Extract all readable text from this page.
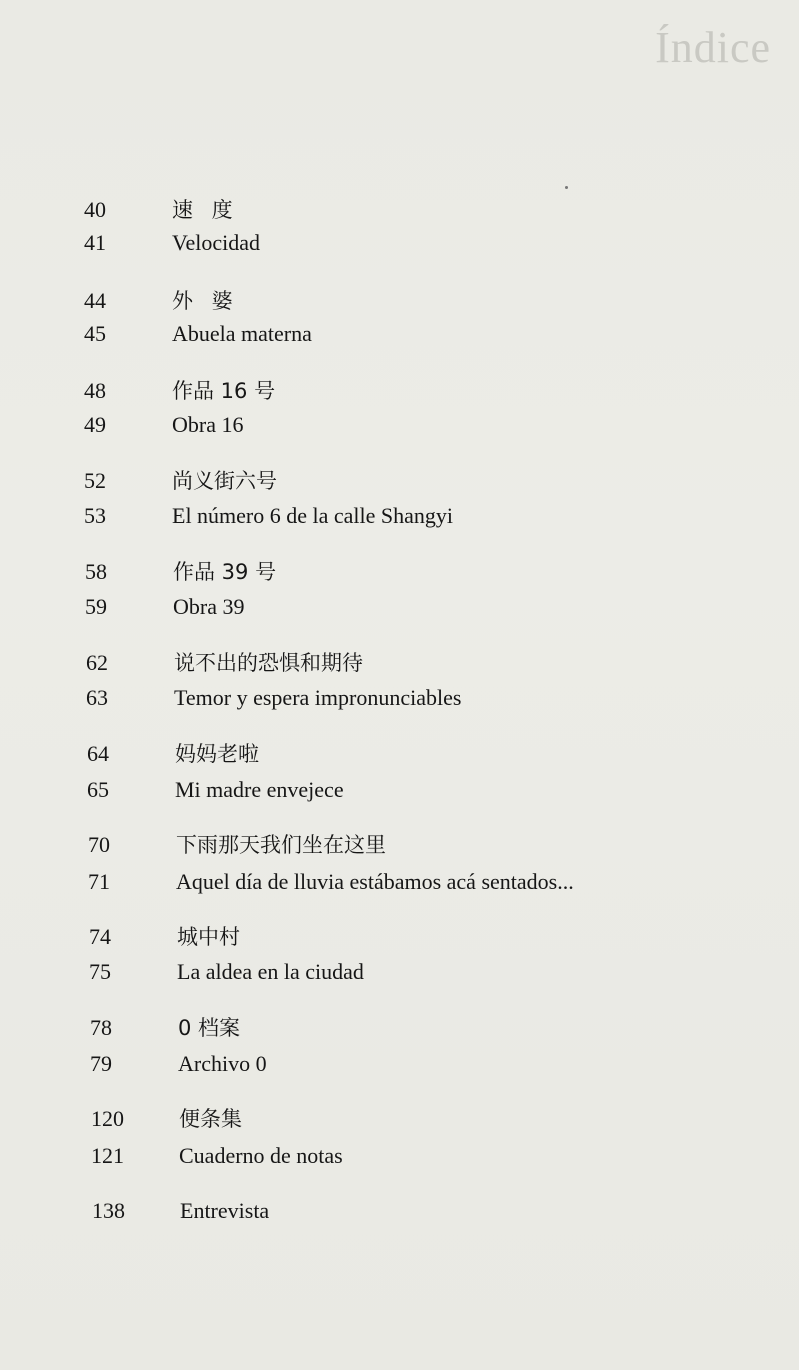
Índice
40	速 度
41	Velocidad
44	外 婆
45	Abuela materna
48	作品 16 号
49	Obra 16
52	尚义街六号
53	El número 6 de la calle Shangyi
58	作品 39 号
59	Obra 39
62	说不出的恐惧和期待
63	Temor y espera impronunciables
64	妈妈老啦
65	Mi madre envejece
70	下雨那天我们坐在这里
71	Aquel día de lluvia estábamos acá sentados...
74	城中村
75	La aldea en la ciudad
78	0 档案
79	Archivo 0
120	便条集
121	Cuaderno de notas
138	Entrevista
